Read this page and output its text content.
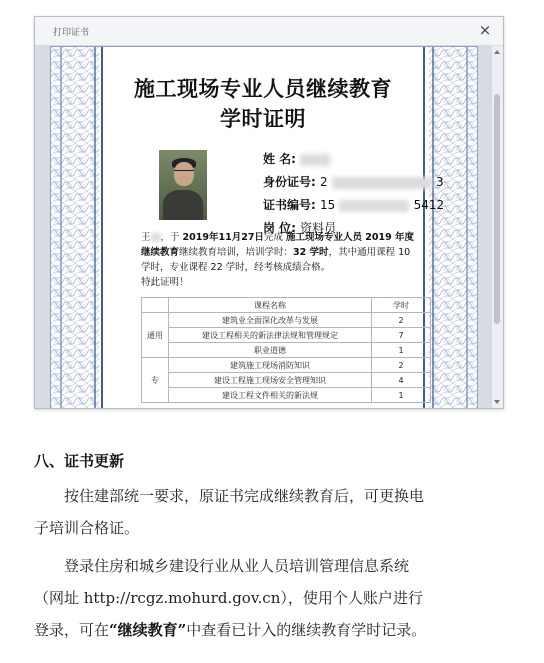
打印证书	×
施工现场专业人员继续教育
学时证明
姓 名:
身份证号: 2	3
证书编号: 15	5412
岗 位: 资料员
王 ，于 2019年11月27日完成 施工现场专业人员 2019 年度继续教育继续教育培训，培训学时：32 学时，其中通用课程 10 学时，专业课程 22 学时，经考核成绩合格。
特此证明！
	课程名称	学时
通用	建筑业全面深化改革与发展	2
	建设工程相关的新法律法规和管理规定	7
	职业道德	1
专	建筑施工现场消防知识	2
	建设工程施工现场安全管理知识	4
	建设工程文件相关的新法规	1
八、证书更新
按住建部统一要求，原证书完成继续教育后，可更换电
子培训合格证。
登录住房和城乡建设行业从业人员培训管理信息系统
（网址 http://rcgz.mohurd.gov.cn），使用个人账户进行
登录，可在“继续教育”中查看已计入的继续教育学时记录。
